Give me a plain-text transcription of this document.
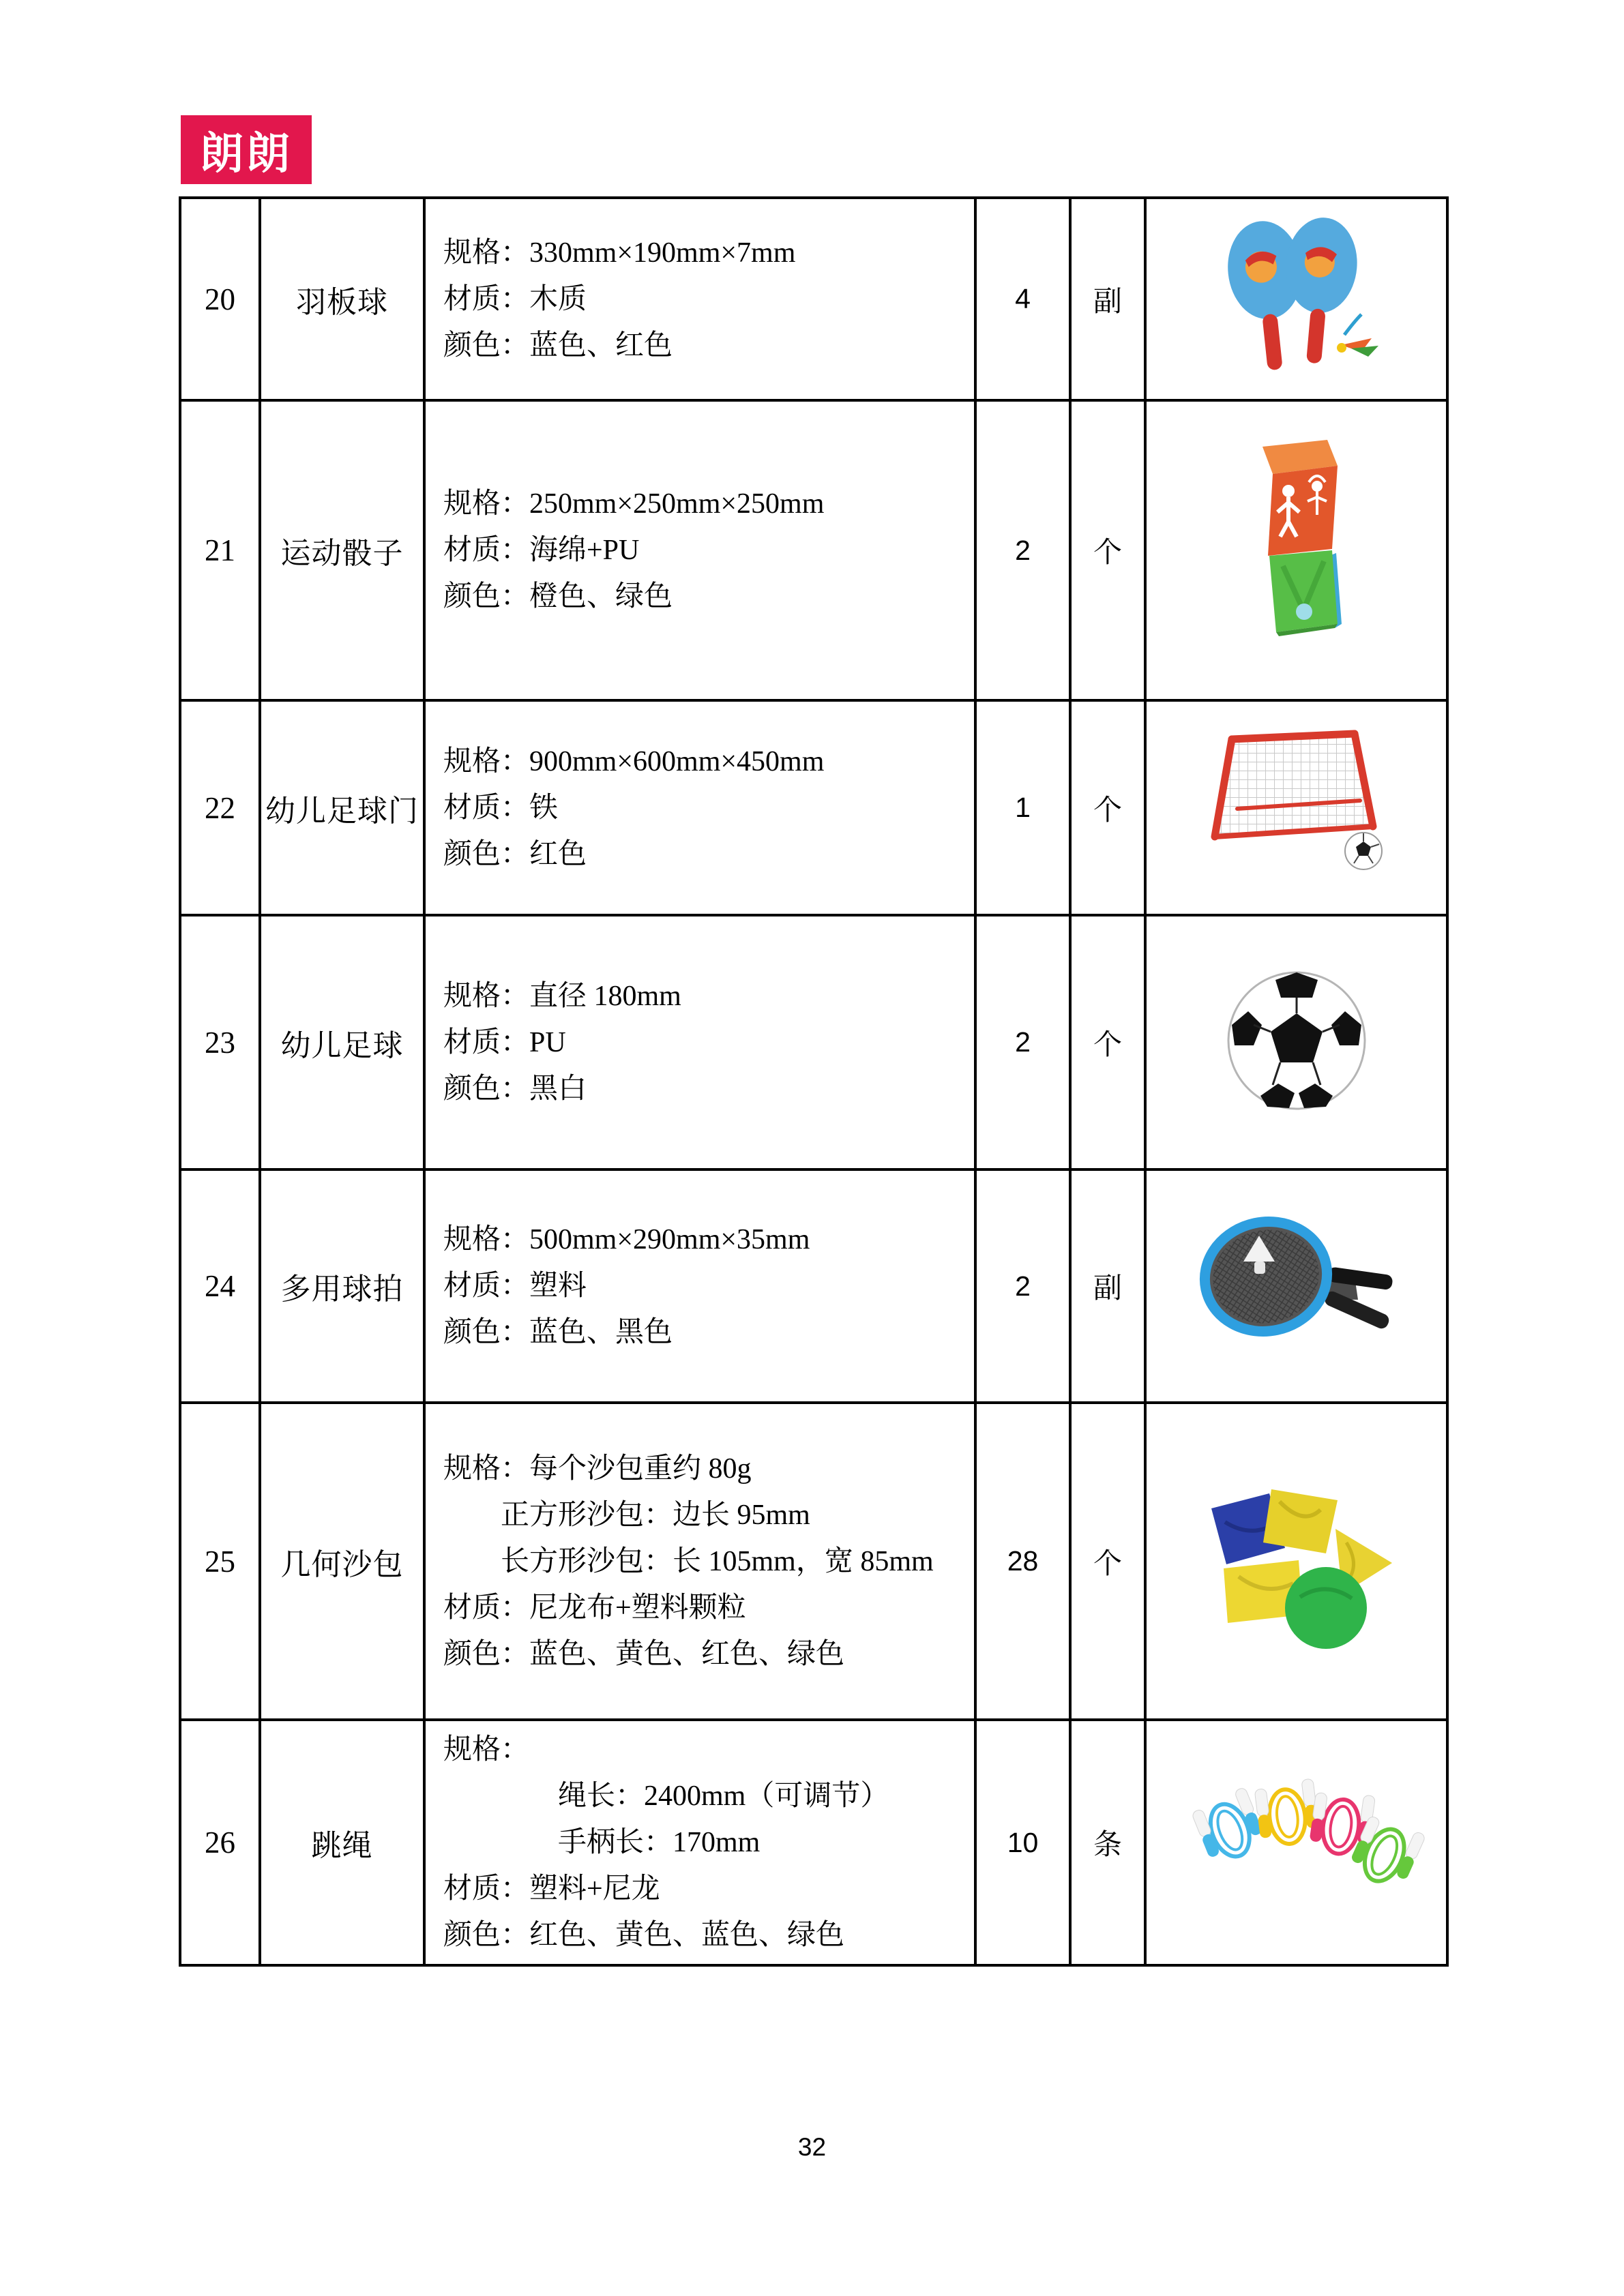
朗朗
20	羽板球	规格：330mm×190mm×7mm
材质：木质
颜色：蓝色、红色	4	副	
21	运动骰子	规格：250mm×250mm×250mm
材质：海绵+PU
颜色：橙色、绿色	2	个	
22	幼儿足球门	规格：900mm×600mm×450mm
材质：铁
颜色：红色	1	个	
23	幼儿足球	规格：直径 180mm
材质：PU
颜色：黑白	2	个	
24	多用球拍	规格：500mm×290mm×35mm
材质：塑料
颜色：蓝色、黑色	2	副	
25	几何沙包	规格：每个沙包重约 80g
　　正方形沙包：边长 95mm
　　长方形沙包：长 105mm，宽 85mm
材质：尼龙布+塑料颗粒
颜色：蓝色、黄色、红色、绿色	28	个	
26	跳绳	规格：
　　　　绳长：2400mm（可调节）
　　　　手柄长：170mm
材质：塑料+尼龙
颜色：红色、黄色、蓝色、绿色	10	条	
32
